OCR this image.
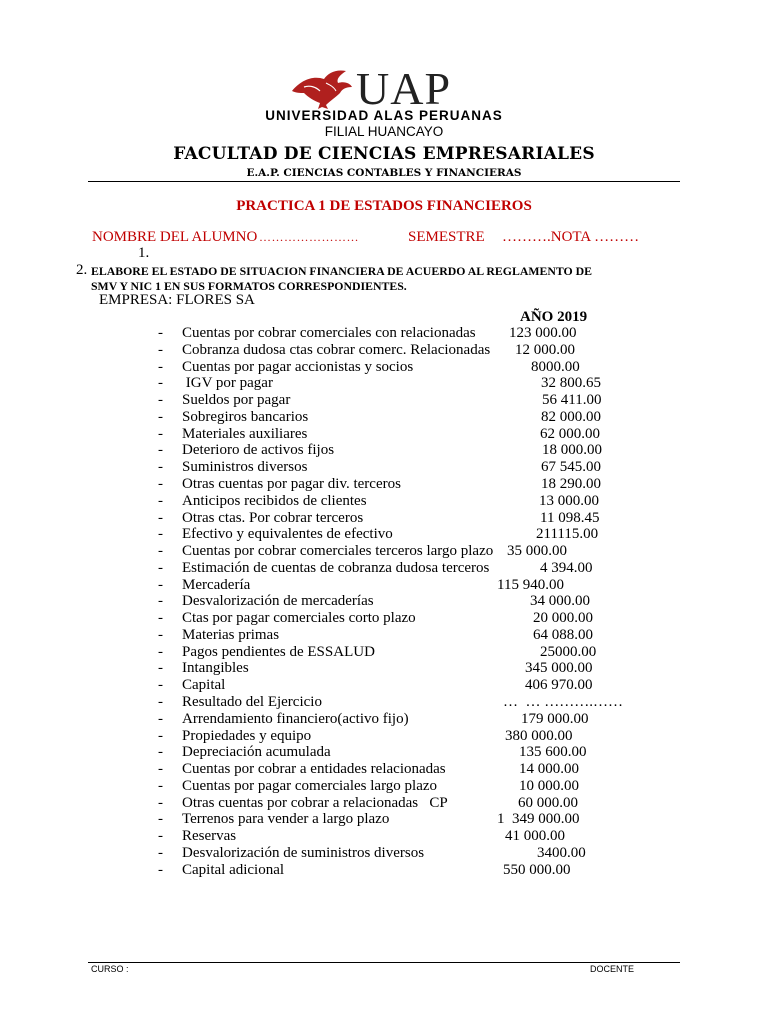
UAP
UNIVERSIDAD ALAS PERUANAS
FILIAL HUANCAYO
FACULTAD DE CIENCIAS EMPRESARIALES
E.A.P. CIENCIAS CONTABLES Y FINANCIERAS
PRACTICA 1 DE ESTADOS FINANCIEROS
NOMBRE DEL ALUMNO ……………………	SEMESTRE ……….NOTA ………
1.
2. ELABORE EL ESTADO DE SITUACION FINANCIERA DE ACUERDO AL REGLAMENTO DE
SMV Y NIC 1 EN SUS FORMATOS CORRESPONDIENTES.
EMPRESA: FLORES SA
AÑO 2019
- Cuentas por cobrar comerciales con relacionadas 123 000.00
- Cobranza dudosa ctas cobrar comerc. Relacionadas 12 000.00
- Cuentas por pagar accionistas y socios	8000.00
- IGV por pagar	32 800.65
- Sueldos por pagar	56 411.00
- Sobregiros bancarios	82 000.00
- Materiales auxiliares	62 000.00
- Deterioro de activos fijos	18 000.00
- Suministros diversos	67 545.00
- Otras cuentas por pagar div. terceros	18 290.00
- Anticipos recibidos de clientes	13 000.00
- Otras ctas. Por cobrar terceros	11 098.45
- Efectivo y equivalentes de efectivo	211115.00
- Cuentas por cobrar comerciales terceros largo plazo 35 000.00
- Estimación de cuentas de cobranza dudosa terceros	4 394.00
- Mercadería	115 940.00
- Desvalorización de mercaderías	34 000.00
- Ctas por pagar comerciales corto plazo	20 000.00
- Materias primas	64 088.00
- Pagos pendientes de ESSALUD	25000.00
- Intangibles	345 000.00
- Capital	406 970.00
- Resultado del Ejercicio	…  … ……….……
- Arrendamiento financiero(activo fijo)	179 000.00
- Propiedades y equipo	380 000.00
- Depreciación acumulada	135 600.00
- Cuentas por cobrar a entidades relacionadas	14 000.00
- Cuentas por pagar comerciales largo plazo	10 000.00
- Otras cuentas por cobrar a relacionadas   CP	60 000.00
- Terrenos para vender a largo plazo	1  349 000.00
- Reservas	41 000.00
- Desvalorización de suministros diversos	3400.00
- Capital adicional	550 000.00
CURSO :	DOCENTE
